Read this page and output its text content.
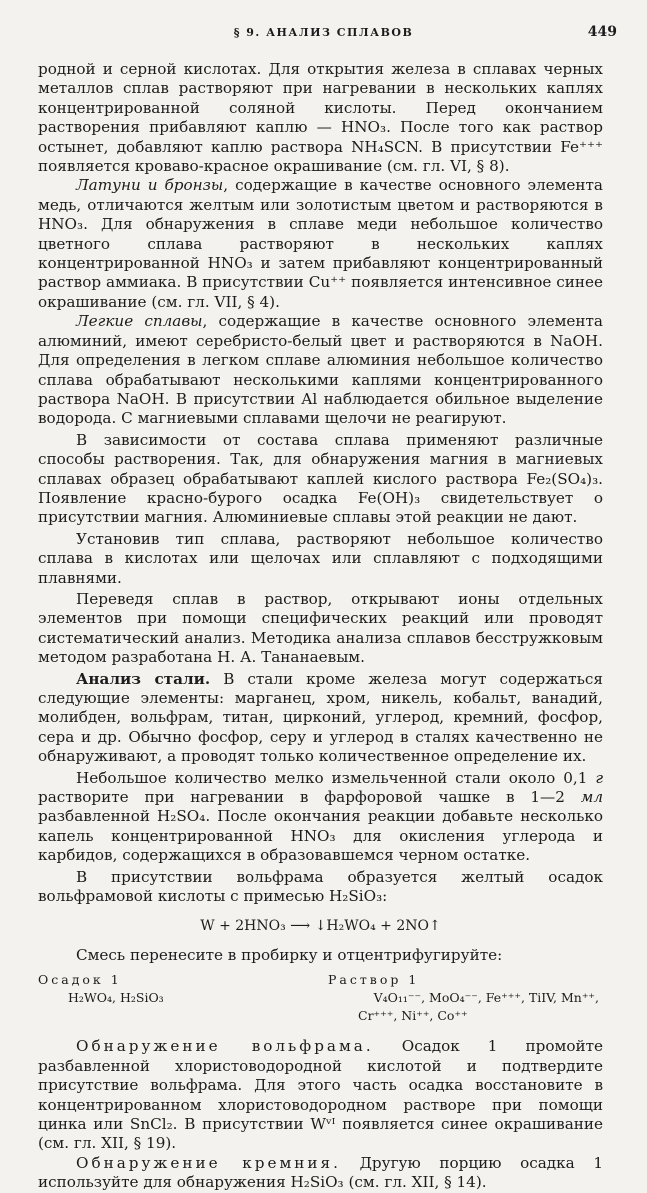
§ 9. АНАЛИЗ СПЛАВОВ	449

родной и серной кислотах. Для открытия железа в сплавах черных металлов сплав растворяют при нагревании в нескольких каплях концентрированной соляной кислоты. Перед окончанием растворения прибавляют каплю — HNO₃. После того как раствор остынет, добавляют каплю раствора NH₄SCN. В присутствии Fe⁺⁺⁺ появляется кроваво-красное окрашивание (см. гл. VI, § 8).

Латуни и бронзы, содержащие в качестве основного элемента медь, отличаются желтым или золотистым цветом и растворяются в HNO₃. Для обнаружения в сплаве меди небольшое количество цветного сплава растворяют в нескольких каплях концентрированной HNO₃ и затем прибавляют концентрированный раствор аммиака. В присутствии Cu⁺⁺ появляется интенсивное синее окрашивание (см. гл. VII, § 4).

Легкие сплавы, содержащие в качестве основного элемента алюминий, имеют серебристо-белый цвет и растворяются в NaOH. Для определения в легком сплаве алюминия небольшое количество сплава обрабатывают несколькими каплями концентрированного раствора NaOH. В присутствии Al наблюдается обильное выделение водорода. С магниевыми сплавами щелочи не реагируют.

В зависимости от состава сплава применяют различные способы растворения. Так, для обнаружения магния в магниевых сплавах образец обрабатывают каплей кислого раствора Fe₂(SO₄)₃. Появление красно-бурого осадка Fe(OH)₃ свидетельствует о присутствии магния. Алюминиевые сплавы этой реакции не дают.

Установив тип сплава, растворяют небольшое количество сплава в кислотах или щелочах или сплавляют с подходящими плавнями.

Переведя сплав в раствор, открывают ионы отдельных элементов при помощи специфических реакций или проводят систематический анализ. Методика анализа сплавов бесстружковым методом разработана Н. А. Тананаевым.

Анализ стали. В стали кроме железа могут содержаться следующие элементы: марганец, хром, никель, кобальт, ванадий, молибден, вольфрам, титан, цирконий, углерод, кремний, фосфор, сера и др. Обычно фосфор, серу и углерод в сталях качественно не обнаруживают, а проводят только количественное определение их.

Небольшое количество мелко измельченной стали около 0,1 г растворите при нагревании в фарфоровой чашке в 1—2 мл разбавленной H₂SO₄. После окончания реакции добавьте несколько капель концентрированной HNO₃ для окисления углерода и карбидов, содержащихся в образовавшемся черном остатке.

В присутствии вольфрама образуется желтый осадок вольфрамовой кислоты с примесью H₂SiO₃:

W + 2HNO₃ ⟶ ↓H₂WO₄ + 2NO↑

Смесь перенесите в пробирку и отцентрифугируйте:

Осадок 1
H₂WO₄, H₂SiO₃
Раствор 1
V₄O₁₁⁻⁻, MoO₄⁻⁻, Fe⁺⁺⁺, TiIV, Mn⁺⁺,
Cr⁺⁺⁺, Ni⁺⁺, Co⁺⁺

Обнаружение вольфрама. Осадок 1 промойте разбавленной хлористоводородной кислотой и подтвердите присутствие вольфрама. Для этого часть осадка восстановите в концентрированном хлористоводородном растворе при помощи цинка или SnCl₂. В присутствии Wᵛᴵ появляется синее окрашивание (см. гл. XII, § 19).

Обнаружение кремния. Другую порцию осадка 1 используйте для обнаружения H₂SiO₃ (см. гл. XII, § 14).
